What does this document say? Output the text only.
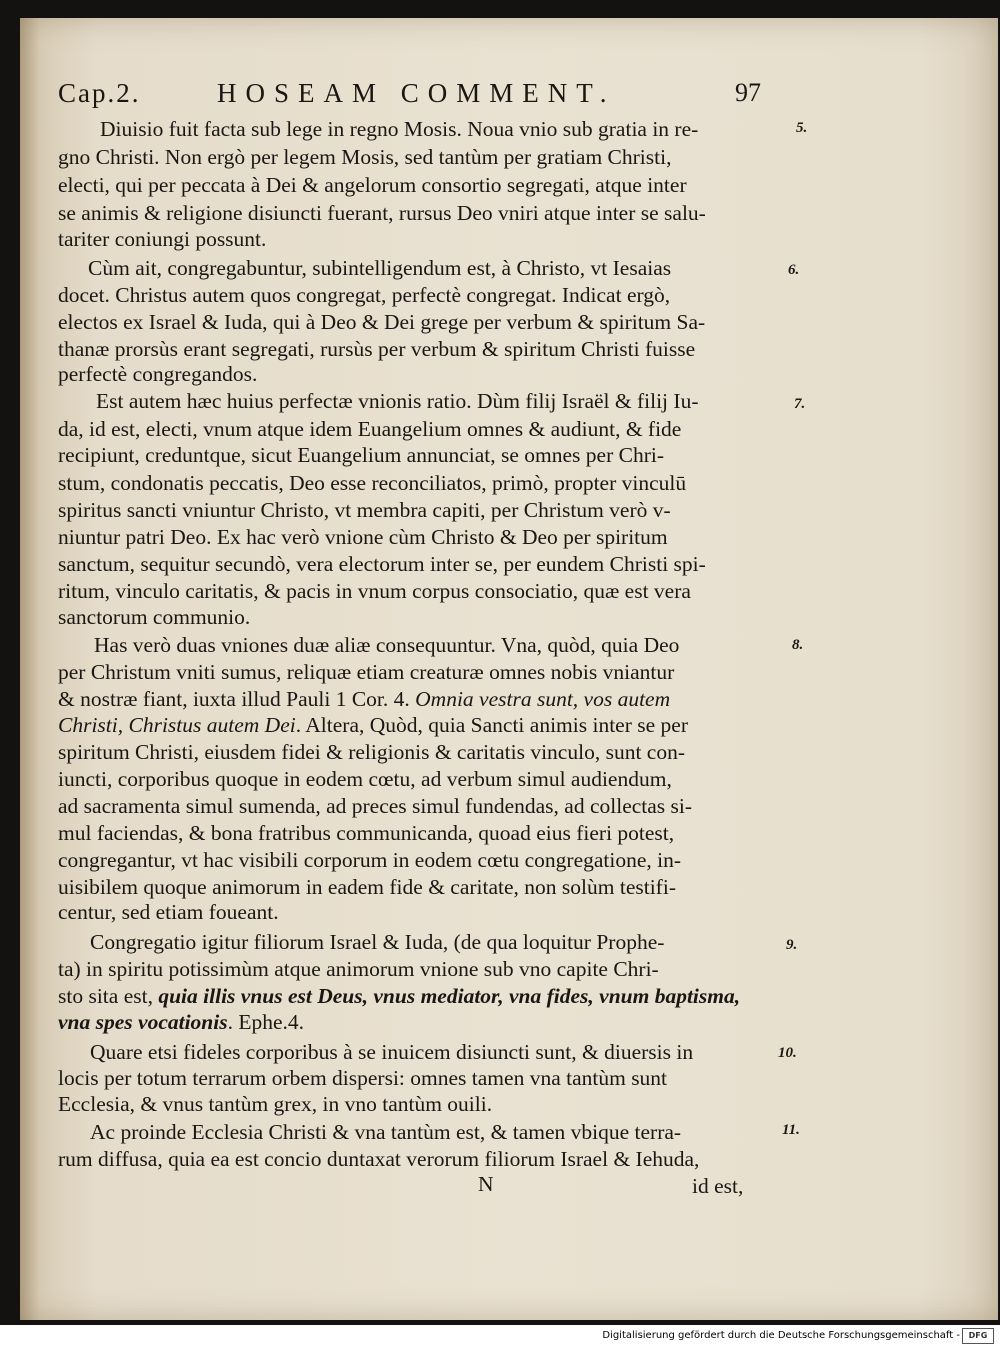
Cap.2.	HOSEAM COMMENT.	97
Diuisio fuit facta sub lege in regno Mosis. Noua vnio sub gratia in re-
gno Christi. Non ergò per legem Mosis, sed tantùm per gratiam Christi,
electi, qui per peccata à Dei & angelorum consortio segregati, atque inter
se animis & religione disiuncti fuerant, rursus Deo vniri atque inter se salu-
tariter coniungi possunt.
5.
Cùm ait, congregabuntur, subintelligendum est, à Christo, vt Iesaias
docet. Christus autem quos congregat, perfectè congregat. Indicat ergò,
electos ex Israel & Iuda, qui à Deo & Dei grege per verbum & spiritum Sa-
thanæ prorsùs erant segregati, rursùs per verbum & spiritum Christi fuisse
perfectè congregandos.
6.
Est autem hæc huius perfectæ vnionis ratio. Dùm filij Israël & filij Iu-
da, id est, electi, vnum atque idem Euangelium omnes & audiunt, & fide
recipiunt, creduntque, sicut Euangelium annunciat, se omnes per Chri-
stum, condonatis peccatis, Deo esse reconciliatos, primò, propter vinculū
spiritus sancti vniuntur Christo, vt membra capiti, per Christum verò v-
niuntur patri Deo. Ex hac verò vnione cùm Christo & Deo per spiritum
sanctum, sequitur secundò, vera electorum inter se, per eundem Christi spi-
ritum, vinculo caritatis, & pacis in vnum corpus consociatio, quæ est vera
sanctorum communio.
7.
Has verò duas vniones duæ aliæ consequuntur. Vna, quòd, quia Deo
per Christum vniti sumus, reliquæ etiam creaturæ omnes nobis vniantur
& nostræ fiant, iuxta illud Pauli 1 Cor. 4. Omnia vestra sunt, vos autem
Christi, Christus autem Dei. Altera, Quòd, quia Sancti animis inter se per
spiritum Christi, eiusdem fidei & religionis & caritatis vinculo, sunt con-
iuncti, corporibus quoque in eodem cœtu, ad verbum simul audiendum,
ad sacramenta simul sumenda, ad preces simul fundendas, ad collectas si-
mul faciendas, & bona fratribus communicanda, quoad eius fieri potest,
congregantur, vt hac visibili corporum in eodem cœtu congregatione, in-
uisibilem quoque animorum in eadem fide & caritate, non solùm testifi-
centur, sed etiam foueant.
8.
Congregatio igitur filiorum Israel & Iuda, (de qua loquitur Prophe-
ta) in spiritu potissimùm atque animorum vnione sub vno capite Chri-
sto sita est, quia illis vnus est Deus, vnus mediator, vna fides, vnum baptisma,
vna spes vocationis. Ephe.4.
9.
Quare etsi fideles corporibus à se inuicem disiuncti sunt, & diuersis in
locis per totum terrarum orbem dispersi: omnes tamen vna tantùm sunt
Ecclesia, & vnus tantùm grex, in vno tantùm ouili.
10.
Ac proinde Ecclesia Christi & vna tantùm est, & tamen vbique terra-
rum diffusa, quia ea est concio duntaxat verorum filiorum Israel & Iehuda,
11.
N	id est,
Digitalisierung gefördert durch die Deutsche Forschungsgemeinschaft -	DFG
